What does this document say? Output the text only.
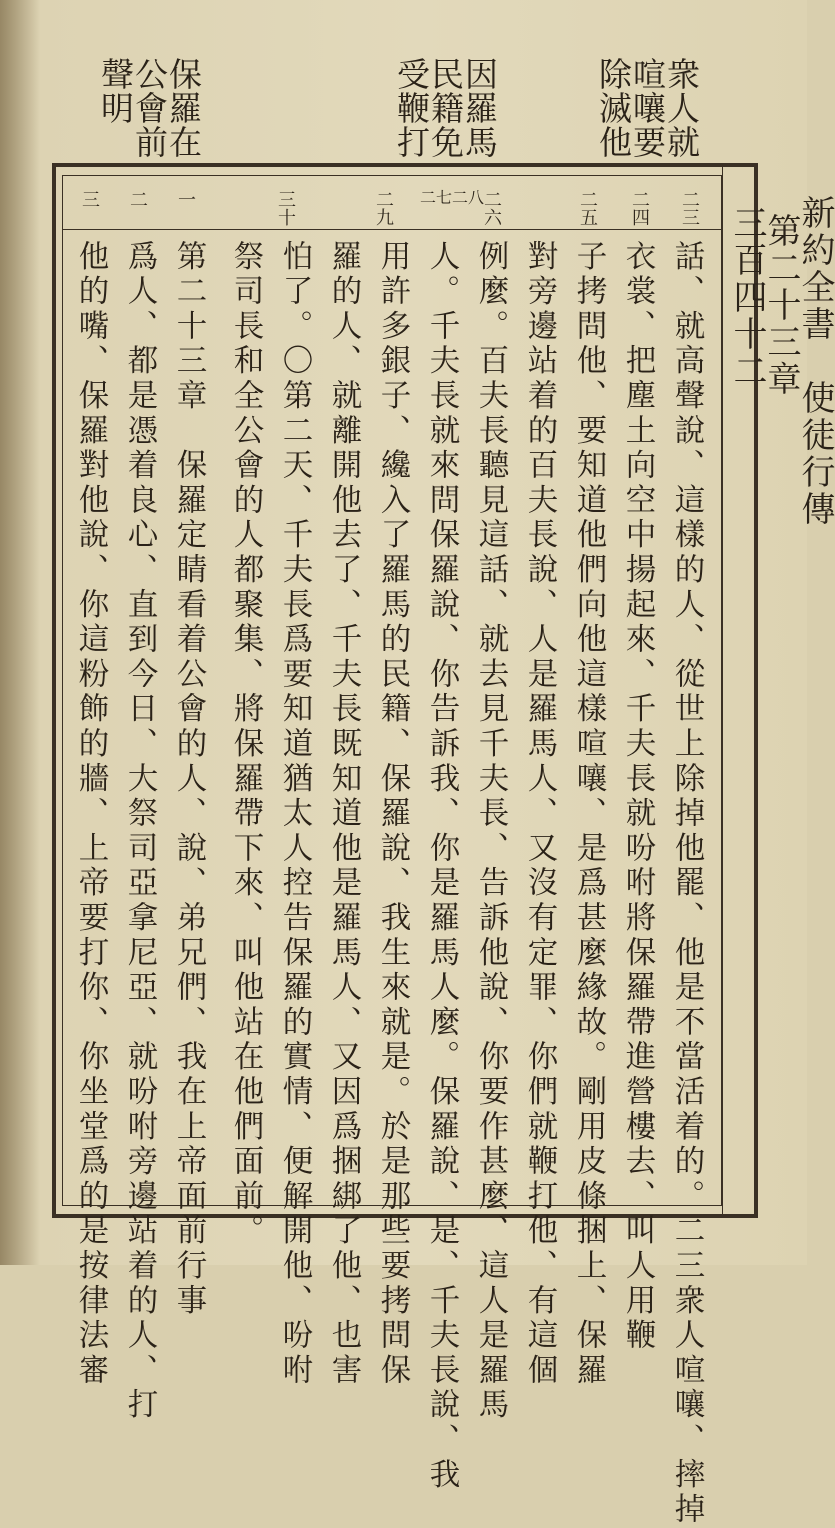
衆人就
喧嚷要
除滅他
因羅馬
民籍免
受鞭打
保羅在
公會前
聲明
新約全書　使徒行傳
第二十三章
三百四十二
二三
二四
二五
二六
二七二八
二九
三十
一
二
三
話、就高聲說、這樣的人、從世上除掉他罷、他是不當活着的。二三衆人喧嚷、摔掉
衣裳、把塵土向空中揚起來、千夫長就吩咐將保羅帶進營樓去、叫人用鞭
子拷問他、要知道他們向他這樣喧嚷、是爲甚麼緣故。剛用皮條捆上、保羅
對旁邊站着的百夫長說、人是羅馬人、又沒有定罪、你們就鞭打他、有這個
例麼。百夫長聽見這話、就去見千夫長、告訴他說、你要作甚麼、這人是羅馬
人。千夫長就來問保羅說、你告訴我、你是羅馬人麼。保羅說、是、千夫長說、我
用許多銀子、纔入了羅馬的民籍、保羅說、我生來就是。於是那些要拷問保
羅的人、就離開他去了、千夫長既知道他是羅馬人、又因爲捆綁了他、也害
怕了。〇第二天、千夫長爲要知道猶太人控告保羅的實情、便解開他、吩咐
祭司長和全公會的人都聚集、將保羅帶下來、叫他站在他們面前。
第二十三章　保羅定睛看着公會的人、說、弟兄們、我在上帝面前行事
爲人、都是憑着良心、直到今日、大祭司亞拿尼亞、就吩咐旁邊站着的人、打
他的嘴、保羅對他說、你這粉飾的牆、上帝要打你、你坐堂爲的是按律法審
